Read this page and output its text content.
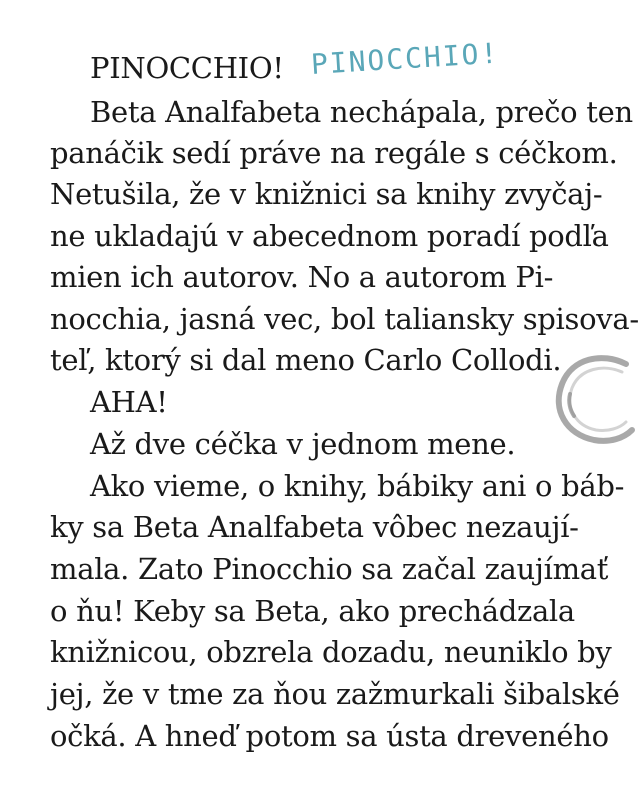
PINOCCHIO! PINOCCHIO!
Beta Analfabeta nechápala, prečo ten
panáčik sedí práve na regále s céčkom.
Netušila, že v knižnici sa knihy zvyčaj-
ne ukladajú v abecednom poradí podľa
mien ich autorov. No a autorom Pi-
nocchia, jasná vec, bol taliansky spisova-
teľ, ktorý si dal meno Carlo Collodi.
AHA!
Až dve céčka v jednom mene.
Ako vieme, o knihy, bábiky ani o báb-
ky sa Beta Analfabeta vôbec nezaují-
mala. Zato Pinocchio sa začal zaujímať
o ňu! Keby sa Beta, ako prechádzala
knižnicou, obzrela dozadu, neuniklo by
jej, že v tme za ňou zažmurkali šibalské
očká. A hneď potom sa ústa dreveného
